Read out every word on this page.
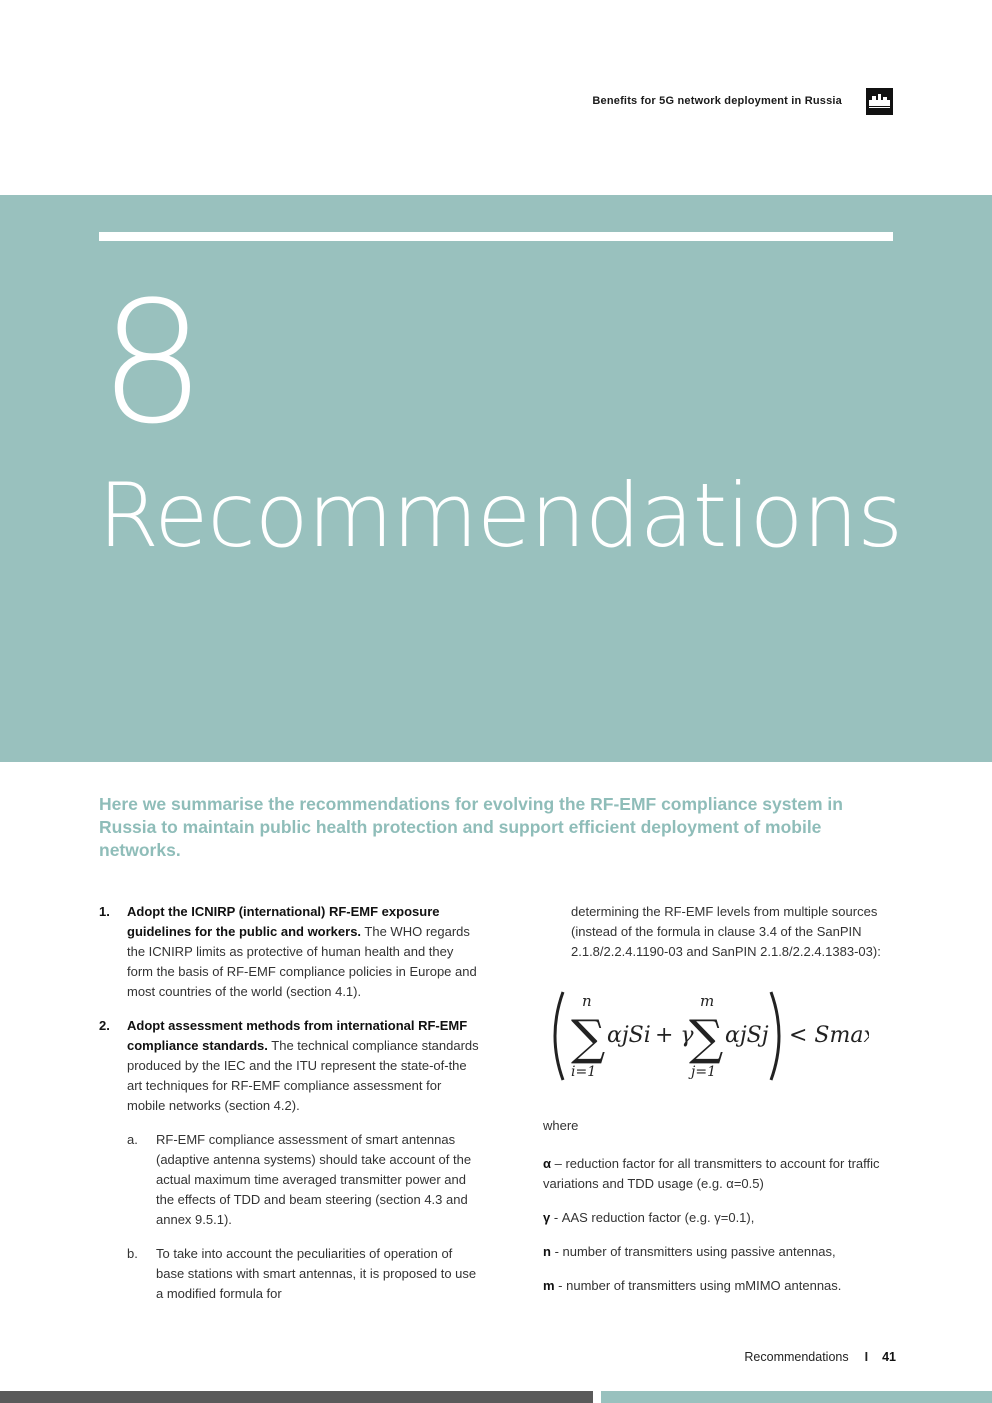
Benefits for 5G network deployment in Russia
8
Recommendations
Here we summarise the recommendations for evolving the RF-EMF compliance system in Russia to maintain public health protection and support efficient deployment of mobile networks.
1. Adopt the ICNIRP (international) RF-EMF exposure guidelines for the public and workers. The WHO regards the ICNIRP limits as protective of human health and they form the basis of RF-EMF compliance policies in Europe and most countries of the world (section 4.1).
2. Adopt assessment methods from international RF-EMF compliance standards. The technical compliance standards produced by the IEC and the ITU represent the state-of-the art techniques for RF-EMF compliance assessment for mobile networks (section 4.2).
a. RF-EMF compliance assessment of smart antennas (adaptive antenna systems) should take account of the actual maximum time averaged transmitter power and the effects of TDD and beam steering (section 4.3 and annex 9.5.1).
b. To take into account the peculiarities of operation of base stations with smart antennas, it is proposed to use a modified formula for
determining the RF-EMF levels from multiple sources (instead of the formula in clause 3.4 of the SanPIN 2.1.8/2.2.4.1190-03 and SanPIN 2.1.8/2.2.4.1383-03):
∑
n
i=1
αjSi + γ
∑
m
j=1
αjSj < Smax
where
α – reduction factor for all transmitters to account for traffic variations and TDD usage (e.g. α=0.5)
γ - AAS reduction factor (e.g. γ=0.1),
n - number of transmitters using passive antennas,
m - number of transmitters using mMIMO antennas.
Recommendations I 41
